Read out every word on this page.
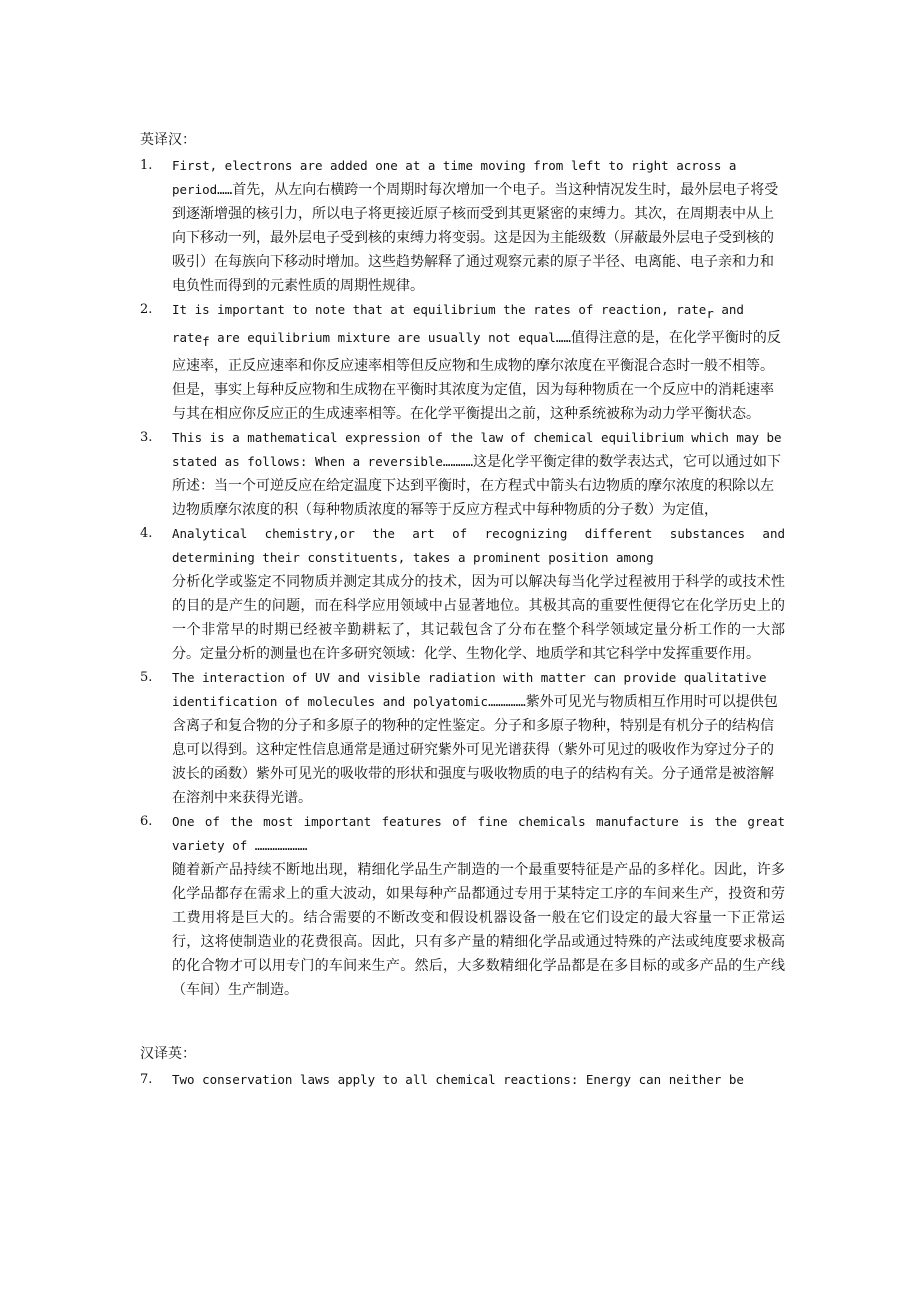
英译汉：
1.	First, electrons are added one at a time moving from left to right across a period……首先，从左向右横跨一个周期时每次增加一个电子。当这种情况发生时，最外层电子将受到逐渐增强的核引力，所以电子将更接近原子核而受到其更紧密的束缚力。其次，在周期表中从上向下移动一列，最外层电子受到核的束缚力将变弱。这是因为主能级数（屏蔽最外层电子受到核的吸引）在每族向下移动时增加。这些趋势解释了通过观察元素的原子半径、电离能、电子亲和力和电负性而得到的元素性质的周期性规律。
2.	It is important to note that at equilibrium the rates of reaction, rate$_r$ and rate$_f$ are equilibrium mixture are usually not equal……值得注意的是，在化学平衡时的反应速率，正反应速率和你反应速率相等但反应物和生成物的摩尔浓度在平衡混合态时一般不相等。但是，事实上每种反应物和生成物在平衡时其浓度为定值，因为每种物质在一个反应中的消耗速率与其在相应你反应正的生成速率相等。在化学平衡提出之前，这种系统被称为动力学平衡状态。
3.	This is a mathematical expression of the law of chemical equilibrium which may be stated as follows: When a reversible…………这是化学平衡定律的数学表达式，它可以通过如下所述：当一个可逆反应在给定温度下达到平衡时，在方程式中箭头右边物质的摩尔浓度的积除以左边物质摩尔浓度的积（每种物质浓度的幂等于反应方程式中每种物质的分子数）为定值，
4.	Analytical chemistry,or the art of recognizing different substances and determining their constituents, takes a prominent position among
分析化学或鉴定不同物质并测定其成分的技术，因为可以解决每当化学过程被用于科学的或技术性的目的是产生的问题，而在科学应用领域中占显著地位。其极其高的重要性便得它在化学历史上的一个非常早的时期已经被辛勤耕耘了，其记载包含了分布在整个科学领域定量分析工作的一大部分。定量分析的测量也在许多研究领域：化学、生物化学、地质学和其它科学中发挥重要作用。
5.	The interaction of UV and visible radiation with matter can provide qualitative identification of molecules and polyatomic……………紫外可见光与物质相互作用时可以提供包含离子和复合物的分子和多原子的物种的定性鉴定。分子和多原子物种，特别是有机分子的结构信息可以得到。这种定性信息通常是通过研究紫外可见光谱获得（紫外可见过的吸收作为穿过分子的波长的函数）紫外可见光的吸收带的形状和强度与吸收物质的电子的结构有关。分子通常是被溶解在溶剂中来获得光谱。
6.	One of the most important features of fine chemicals manufacture is the great variety of …………………
随着新产品持续不断地出现，精细化学品生产制造的一个最重要特征是产品的多样化。因此，许多化学品都存在需求上的重大波动，如果每种产品都通过专用于某特定工序的车间来生产，投资和劳工费用将是巨大的。结合需要的不断改变和假设机器设备一般在它们设定的最大容量一下正常运行，这将使制造业的花费很高。因此，只有多产量的精细化学品或通过特殊的产法或纯度要求极高的化合物才可以用专门的车间来生产。然后，大多数精细化学品都是在多目标的或多产品的生产线（车间）生产制造。
汉译英：
7.	Two conservation laws apply to all chemical reactions: Energy can neither be
